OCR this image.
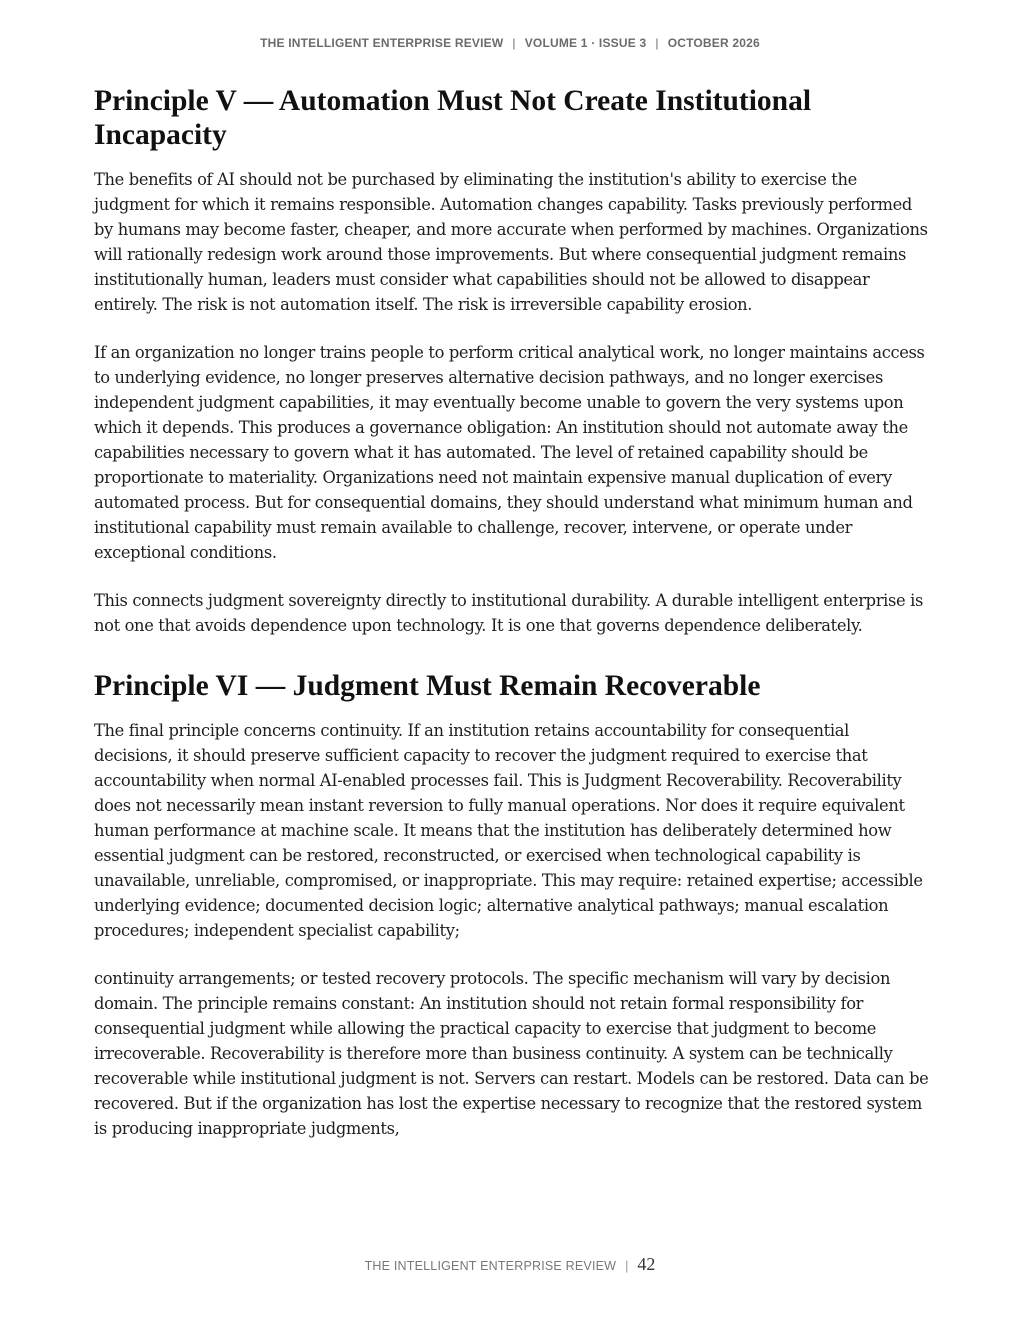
THE INTELLIGENT ENTERPRISE REVIEW | VOLUME 1 · ISSUE 3 | OCTOBER 2026
Principle V — Automation Must Not Create Institutional Incapacity

The benefits of AI should not be purchased by eliminating the institution's ability to exercise the judgment for which it remains responsible. Automation changes capability. Tasks previously performed by humans may become faster, cheaper, and more accurate when performed by machines. Organizations will rationally redesign work around those improvements. But where consequential judgment remains institutionally human, leaders must consider what capabilities should not be allowed to disappear entirely. The risk is not automation itself. The risk is irreversible capability erosion.

If an organization no longer trains people to perform critical analytical work, no longer maintains access to underlying evidence, no longer preserves alternative decision pathways, and no longer exercises independent judgment capabilities, it may eventually become unable to govern the very systems upon which it depends. This produces a governance obligation: An institution should not automate away the capabilities necessary to govern what it has automated. The level of retained capability should be proportionate to materiality. Organizations need not maintain expensive manual duplication of every automated process. But for consequential domains, they should understand what minimum human and institutional capability must remain available to challenge, recover, intervene, or operate under exceptional conditions.

This connects judgment sovereignty directly to institutional durability. A durable intelligent enterprise is not one that avoids dependence upon technology. It is one that governs dependence deliberately.

Principle VI — Judgment Must Remain Recoverable

The final principle concerns continuity. If an institution retains accountability for consequential decisions, it should preserve sufficient capacity to recover the judgment required to exercise that accountability when normal AI-enabled processes fail. This is Judgment Recoverability. Recoverability does not necessarily mean instant reversion to fully manual operations. Nor does it require equivalent human performance at machine scale. It means that the institution has deliberately determined how essential judgment can be restored, reconstructed, or exercised when technological capability is unavailable, unreliable, compromised, or inappropriate. This may require: retained expertise; accessible underlying evidence; documented decision logic; alternative analytical pathways; manual escalation procedures; independent specialist capability;

continuity arrangements; or tested recovery protocols. The specific mechanism will vary by decision domain. The principle remains constant: An institution should not retain formal responsibility for consequential judgment while allowing the practical capacity to exercise that judgment to become irrecoverable. Recoverability is therefore more than business continuity. A system can be technically recoverable while institutional judgment is not. Servers can restart. Models can be restored. Data can be recovered. But if the organization has lost the expertise necessary to recognize that the restored system is producing inappropriate judgments,

THE INTELLIGENT ENTERPRISE REVIEW | 42
